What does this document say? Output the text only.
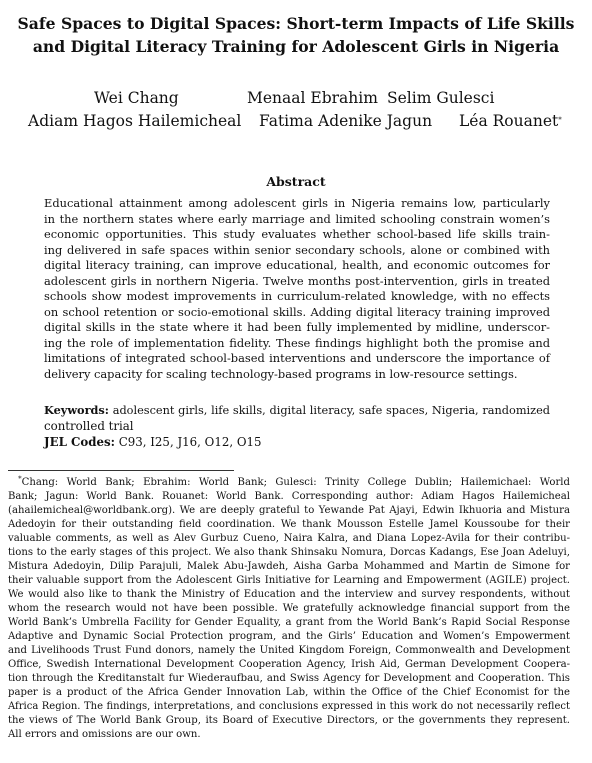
Safe Spaces to Digital Spaces: Short-term Impacts of Life Skills
and Digital Literacy Training for Adolescent Girls in Nigeria
Wei Chang	Menaal Ebrahim Selim Gulesci
Adiam Hagos Hailemicheal Fatima Adenike Jagun Léa Rouanet*
Abstract
Educational attainment among adolescent girls in Nigeria remains low, particularly
in the northern states where early marriage and limited schooling constrain women’s
economic opportunities. This study evaluates whether school-based life skills train-
ing delivered in safe spaces within senior secondary schools, alone or combined with
digital literacy training, can improve educational, health, and economic outcomes for
adolescent girls in northern Nigeria. Twelve months post-intervention, girls in treated
schools show modest improvements in curriculum-related knowledge, with no effects
on school retention or socio-emotional skills. Adding digital literacy training improved
digital skills in the state where it had been fully implemented by midline, underscor-
ing the role of implementation fidelity. These findings highlight both the promise and
limitations of integrated school-based interventions and underscore the importance of
delivery capacity for scaling technology-based programs in low-resource settings.
Keywords: adolescent girls, life skills, digital literacy, safe spaces, Nigeria, randomized
controlled trial
JEL Codes: C93, I25, J16, O12, O15
 *Chang: World Bank; Ebrahim: World Bank; Gulesci: Trinity College Dublin; Hailemichael: World
Bank; Jagun: World Bank. Rouanet: World Bank. Corresponding author: Adiam Hagos Hailemicheal
(ahailemicheal@worldbank.org). We are deeply grateful to Yewande Pat Ajayi, Edwin Ikhuoria and Mistura
Adedoyin for their outstanding field coordination. We thank Mousson Estelle Jamel Koussoube for their
valuable comments, as well as Alev Gurbuz Cueno, Naira Kalra, and Diana Lopez-Avila for their contribu-
tions to the early stages of this project. We also thank Shinsaku Nomura, Dorcas Kadangs, Ese Joan Adeluyi,
Mistura Adedoyin, Dilip Parajuli, Malek Abu-Jawdeh, Aisha Garba Mohammed and Martin de Simone for
their valuable support from the Adolescent Girls Initiative for Learning and Empowerment (AGILE) project.
We would also like to thank the Ministry of Education and the interview and survey respondents, without
whom the research would not have been possible. We gratefully acknowledge financial support from the
World Bank’s Umbrella Facility for Gender Equality, a grant from the World Bank’s Rapid Social Response
Adaptive and Dynamic Social Protection program, and the Girls’ Education and Women’s Empowerment
and Livelihoods Trust Fund donors, namely the United Kingdom Foreign, Commonwealth and Development
Office, Swedish International Development Cooperation Agency, Irish Aid, German Development Coopera-
tion through the Kreditanstalt fur Wiederaufbau, and Swiss Agency for Development and Cooperation. This
paper is a product of the Africa Gender Innovation Lab, within the Office of the Chief Economist for the
Africa Region. The findings, interpretations, and conclusions expressed in this work do not necessarily reflect
the views of The World Bank Group, its Board of Executive Directors, or the governments they represent.
All errors and omissions are our own.
